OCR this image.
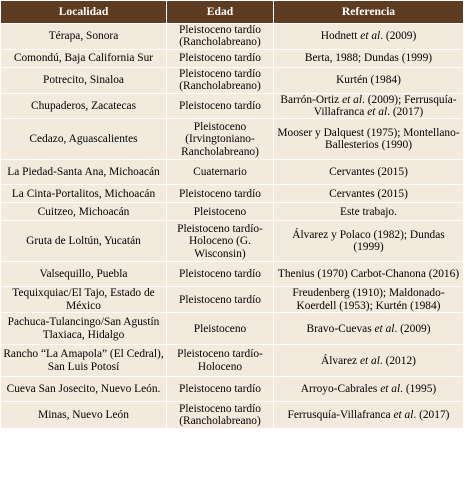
Localidad	Edad	Referencia
Térapa, Sonora	Pleistoceno tardío (Rancholabreano)	Hodnett et al. (2009)
Comondú, Baja California Sur	Pleistoceno tardío	Berta, 1988; Dundas (1999)
Potrecito, Sinaloa	Pleistoceno tardío (Rancholabreano)	Kurtén (1984)
Chupaderos, Zacatecas	Pleistoceno tardío	Barrón-Ortiz et al. (2009); Ferrusquía-Villafranca et al. (2017)
Cedazo, Aguascalientes	Pleistoceno (Irvingtoniano-Rancholabreano)	Mooser y Dalquest (1975); Montellano-Ballesterios (1990)
La Piedad-Santa Ana, Michoacán	Cuaternario	Cervantes (2015)
La Cinta-Portalitos, Michoacán	Pleistoceno tardío	Cervantes (2015)
Cuitzeo, Michoacán	Pleistoceno	Este trabajo.
Gruta de Loltún, Yucatán	Pleistoceno tardío-Holoceno (G. Wisconsin)	Álvarez y Polaco (1982); Dundas (1999)
Valsequillo, Puebla	Pleistoceno tardío	Thenius (1970) Carbot-Chanona (2016)
Tequixquiac/El Tajo, Estado de México	Pleistoceno tardío	Freudenberg (1910); Maldonado-Koerdell (1953); Kurtén (1984)
Pachuca-Tulancingo/San Agustín Tlaxiaca, Hidalgo	Pleistoceno	Bravo-Cuevas et al. (2009)
Rancho “La Amapola” (El Cedral), San Luis Potosí	Pleistoceno tardío-Holoceno	Álvarez et al. (2012)
Cueva San Josecito, Nuevo León.	Pleistoceno tardío	Arroyo-Cabrales et al. (1995)
Minas, Nuevo León	Pleistoceno tardío (Rancholabreano)	Ferrusquía-Villafranca et al. (2017)
